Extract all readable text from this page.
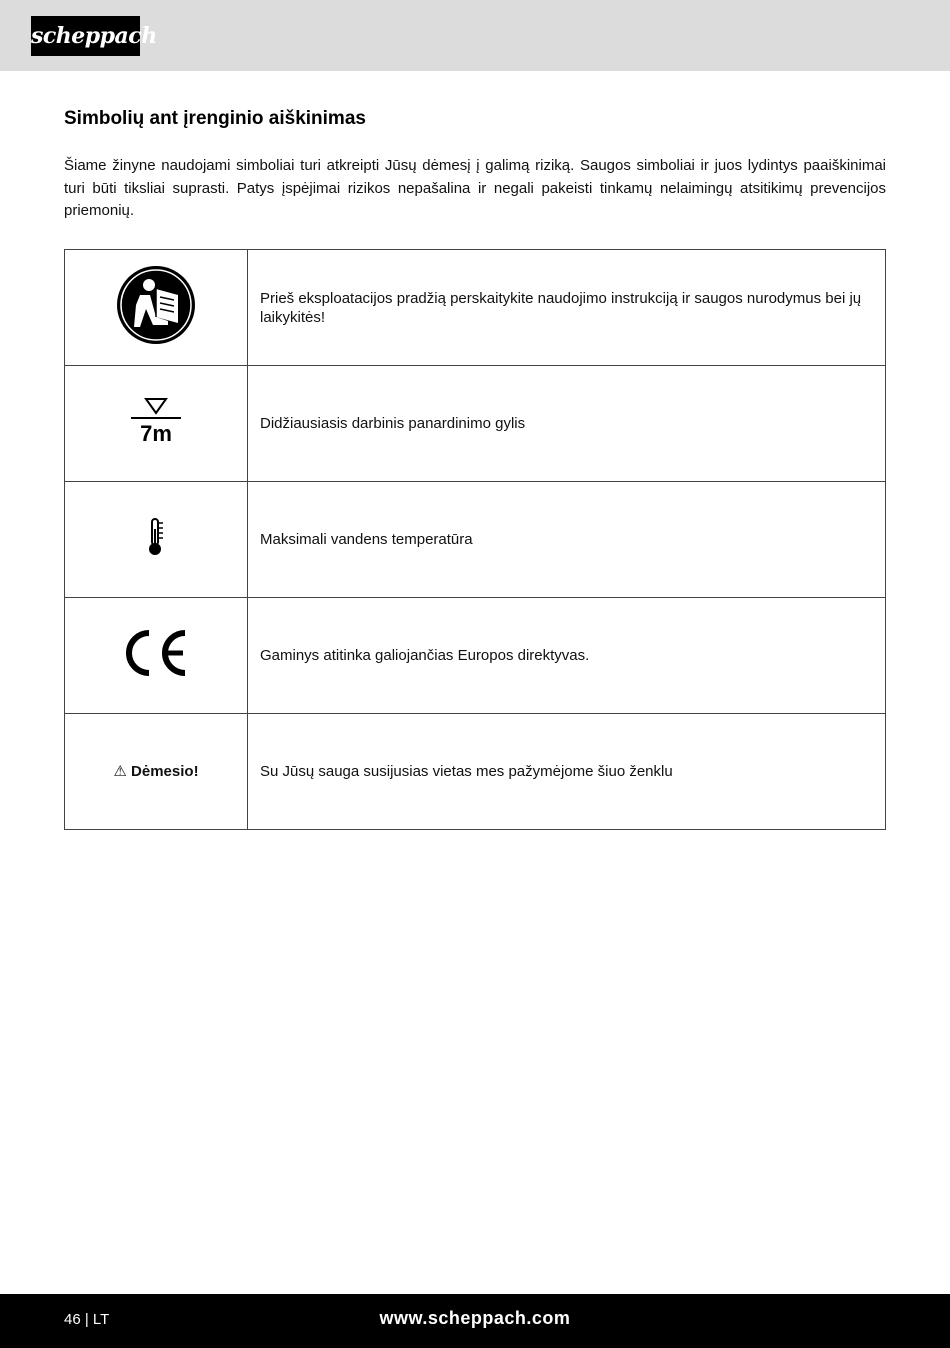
scheppach
Simbolių ant įrenginio aiškinimas

Šiame žinyne naudojami simboliai turi atkreipti Jūsų dėmesį į galimą riziką. Saugos simboliai ir juos lydintys paaiškinimai turi būti tiksliai suprasti. Patys įspėjimai rizikos nepašalina ir negali pakeisti tinkamų nelaimingų atsitikimų prevencijos priemonių.

	Prieš eksploatacijos pradžią perskaitykite naudojimo instrukciją ir saugos nurodymus bei jų laikykitės!

7m	Didžiausiasis darbinis panardinimo gylis
	Maksimali vandens temperatūra
	Gaminys atitinka galiojančias Europos direktyvas.
⚠ Dėmesio!	Su Jūsų sauga susijusias vietas mes pažymėjome šiuo ženklu
46 | LT	www.scheppach.com
